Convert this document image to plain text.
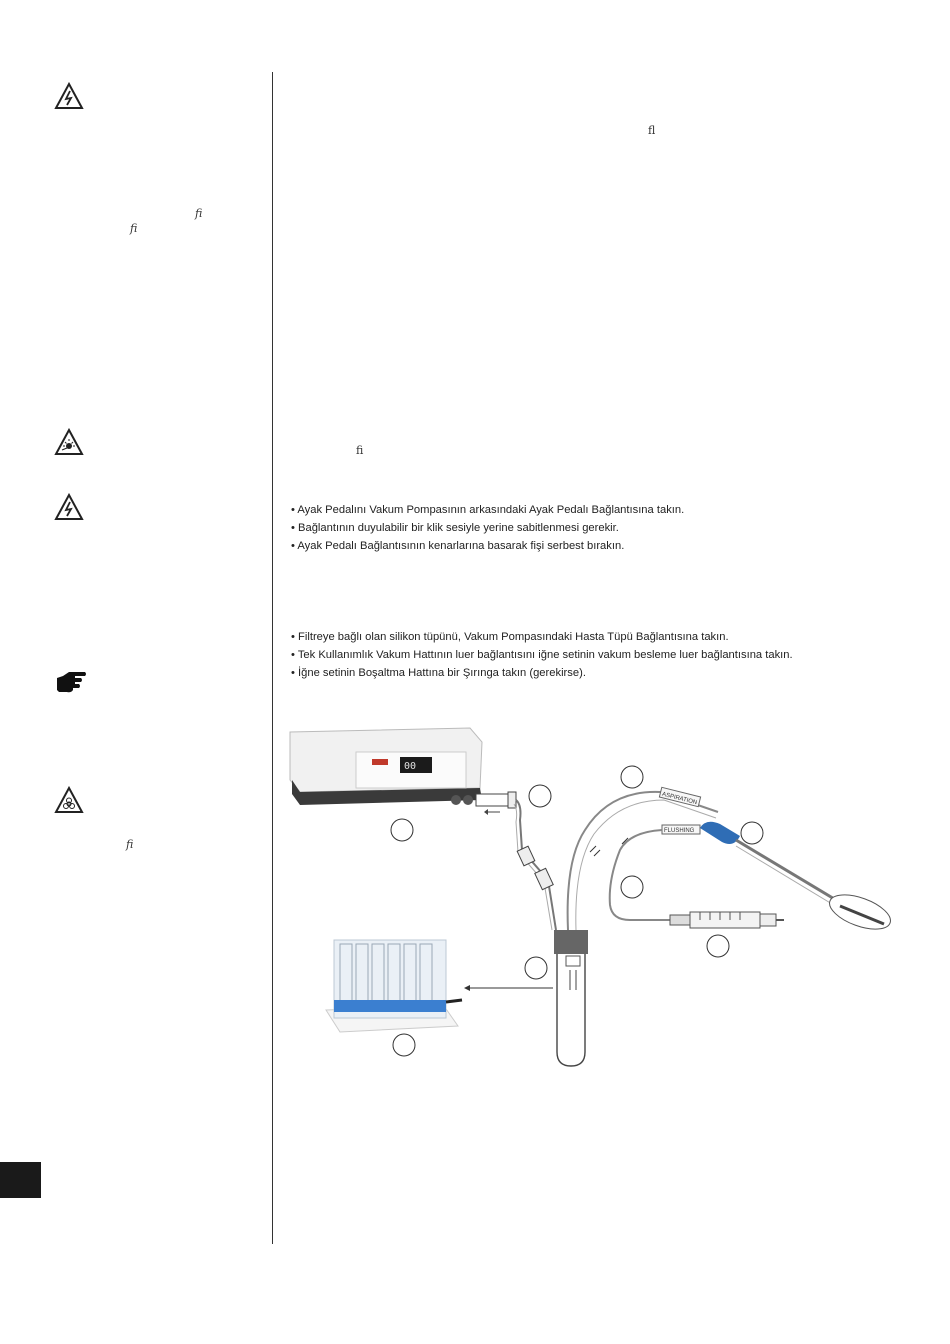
ﬁ
ﬁ
ﬁ
ﬂ
ﬁ
• Ayak Pedalını Vakum Pompasının arkasındaki Ayak Pedalı Bağlantısına takın.
• Bağlantının duyulabilir bir klik sesiyle yerine sabitlenmesi gerekir.
• Ayak Pedalı Bağlantısının kenarlarına basarak fişi serbest bırakın.
• Filtreye bağlı olan silikon tüpünü, Vakum Pompasındaki Hasta Tüpü Bağlantısına takın.
• Tek Kullanımlık Vakum Hattının luer bağlantısını iğne setinin vakum besleme luer bağlantısına takın.
• İğne setinin Boşaltma Hattına bir Şırınga takın (gerekirse).
00
ASPIRATION
FLUSHING
